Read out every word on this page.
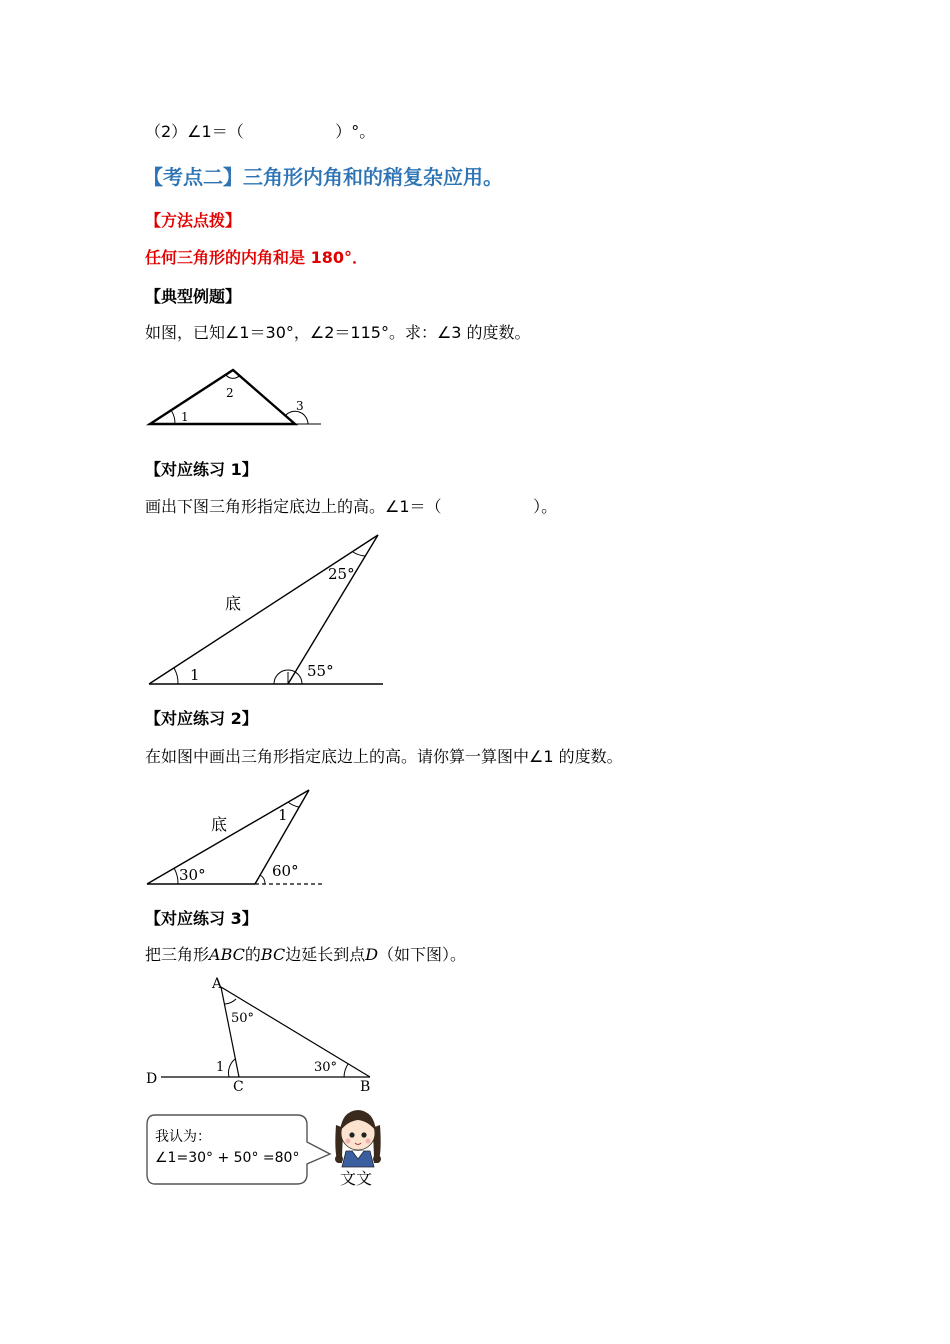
（2）∠1＝（                  ）°。
【考点二】三角形内角和的稍复杂应用。
【方法点拨】
任何三角形的内角和是 180°．
【典型例题】
如图，已知∠1＝30°，∠2＝115°。求：∠3 的度数。
1
2
3
【对应练习 1】
画出下图三角形指定底边上的高。∠1＝（                  ）。
底
25°
55°
1
【对应练习 2】
在如图中画出三角形指定底边上的高。请你算一算图中∠1 的度数。
底	1
30°	60°
【对应练习 3】
把三角形ABC的BC边延长到点D（如下图）。
A
B
C
D
50°
30°
1
我认为：
∠1=30° + 50° =80°
文文
